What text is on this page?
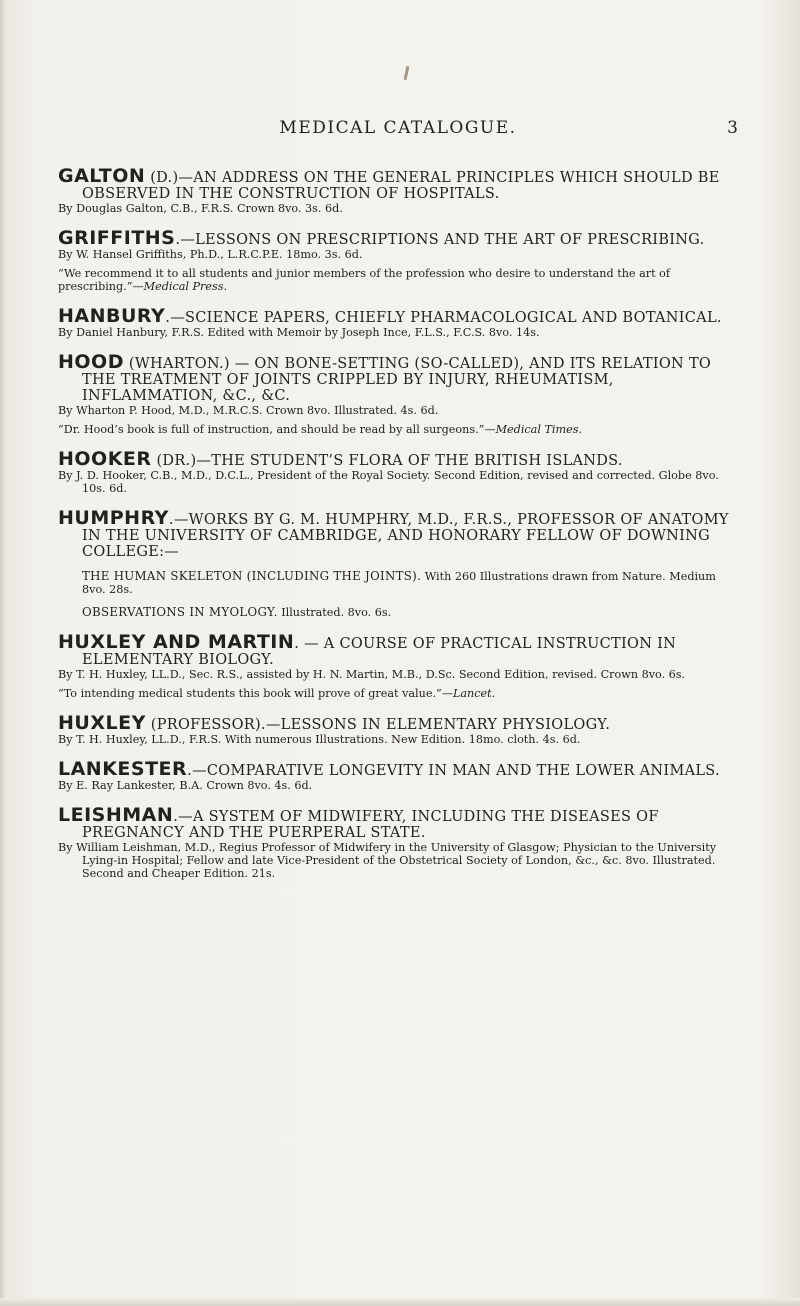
MEDICAL CATALOGUE.	3

GALTON (D.)—AN ADDRESS ON THE GENERAL PRINCIPLES WHICH SHOULD BE OBSERVED IN THE CONSTRUCTION OF HOSPITALS.

By Douglas Galton, C.B., F.R.S. Crown 8vo. 3s. 6d.

GRIFFITHS.—LESSONS ON PRESCRIPTIONS AND THE ART OF PRESCRIBING.

By W. Hansel Griffiths, Ph.D., L.R.C.P.E. 18mo. 3s. 6d.

“We recommend it to all students and junior members of the profession who desire to understand the art of prescribing.”—Medical Press.

HANBURY.—SCIENCE PAPERS, CHIEFLY PHARMACOLOGICAL AND BOTANICAL.

By Daniel Hanbury, F.R.S. Edited with Memoir by Joseph Ince, F.L.S., F.C.S. 8vo. 14s.

HOOD (WHARTON.) — ON BONE-SETTING (SO-CALLED), AND ITS RELATION TO THE TREATMENT OF JOINTS CRIPPLED BY INJURY, RHEUMATISM, INFLAMMATION, &C., &C.

By Wharton P. Hood, M.D., M.R.C.S. Crown 8vo. Illustrated. 4s. 6d.

“Dr. Hood’s book is full of instruction, and should be read by all surgeons.”—Medical Times.

HOOKER (DR.)—THE STUDENT’S FLORA OF THE BRITISH ISLANDS.

By J. D. Hooker, C.B., M.D., D.C.L., President of the Royal Society. Second Edition, revised and corrected. Globe 8vo. 10s. 6d.

HUMPHRY.—WORKS BY G. M. HUMPHRY, M.D., F.R.S., PROFESSOR OF ANATOMY IN THE UNIVERSITY OF CAMBRIDGE, AND HONORARY FELLOW OF DOWNING COLLEGE:—

THE HUMAN SKELETON (INCLUDING THE JOINTS). With 260 Illustrations drawn from Nature. Medium 8vo. 28s.

OBSERVATIONS IN MYOLOGY. Illustrated. 8vo. 6s.

HUXLEY AND MARTIN. — A COURSE OF PRACTICAL INSTRUCTION IN ELEMENTARY BIOLOGY.

By T. H. Huxley, LL.D., Sec. R.S., assisted by H. N. Martin, M.B., D.Sc. Second Edition, revised. Crown 8vo. 6s.

“To intending medical students this book will prove of great value.”—Lancet.

HUXLEY (PROFESSOR).—LESSONS IN ELEMENTARY PHYSIOLOGY.

By T. H. Huxley, LL.D., F.R.S. With numerous Illustrations. New Edition. 18mo. cloth. 4s. 6d.

LANKESTER.—COMPARATIVE LONGEVITY IN MAN AND THE LOWER ANIMALS.

By E. Ray Lankester, B.A. Crown 8vo. 4s. 6d.

LEISHMAN.—A SYSTEM OF MIDWIFERY, INCLUDING THE DISEASES OF PREGNANCY AND THE PUERPERAL STATE.

By William Leishman, M.D., Regius Professor of Midwifery in the University of Glasgow; Physician to the University Lying-in Hospital; Fellow and late Vice-President of the Obstetrical Society of London, &c., &c. 8vo. Illustrated. Second and Cheaper Edition. 21s.
